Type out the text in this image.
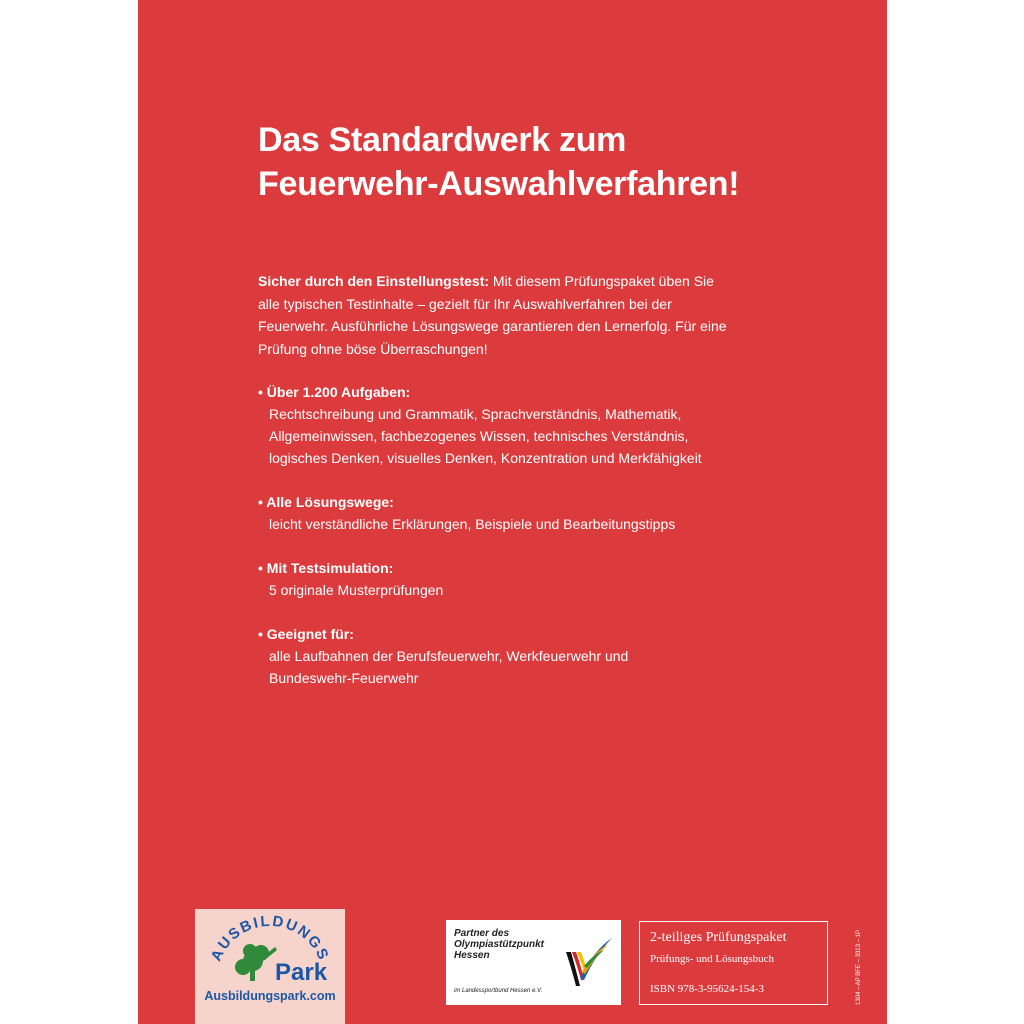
Das Standardwerk zum
Feuerwehr-Auswahlverfahren!

Sicher durch den Einstellungstest: Mit diesem Prüfungspaket üben Sie alle typischen Testinhalte – gezielt für Ihr Auswahlverfahren bei der Feuerwehr. Ausführliche Lösungswege garantieren den Lernerfolg. Für eine Prüfung ohne böse Überraschungen!

• Über 1.200 Aufgaben:
Rechtschreibung und Grammatik, Sprachverständnis, Mathematik,
Allgemeinwissen, fachbezogenes Wissen, technisches Verständnis,
logisches Denken, visuelles Denken, Konzentration und Merkfähigkeit
• Alle Lösungswege:
leicht verständliche Erklärungen, Beispiele und Bearbeitungstipps
• Mit Testsimulation:
5 originale Musterprüfungen
• Geeignet für:
alle Laufbahnen der Berufsfeuerwehr, Werkfeuerwehr und
Bundeswehr-Feuerwehr
AUSBILDUNGS
Park
Ausbildungspark.com
Partner des
Olympiastützpunkt
Hessen
im Landessportbund Hessen e.V.
2-teiliges Prüfungspaket
Prüfungs- und Lösungsbuch
ISBN 978-3-95624-154-3	1304 – AP BFE – 3313 – 1P
